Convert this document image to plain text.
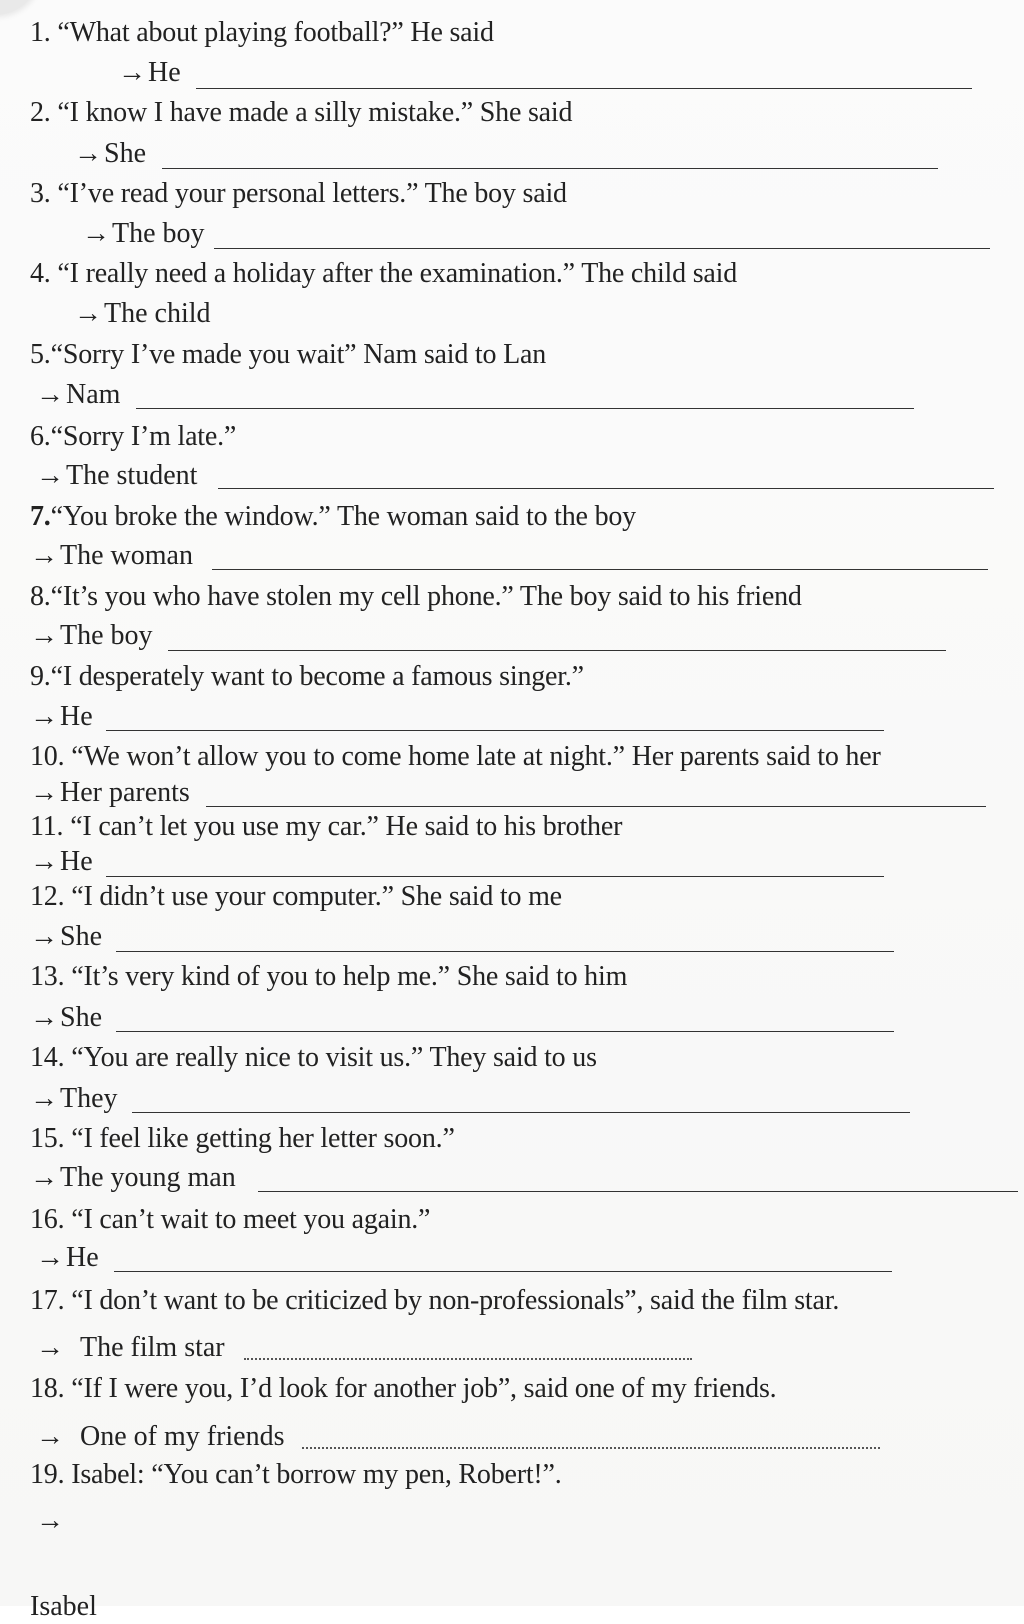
1. “What about playing football?” He said
→He
2. “I know I have made a silly mistake.” She said
→She
3. “I’ve read your personal letters.” The boy said
→The boy
4. “I really need a holiday after the examination.” The child said
→The child
5.“Sorry I’ve made you wait” Nam said to Lan
→Nam
6.“Sorry I’m late.”
→The student
7.“You broke the window.” The woman said to the boy
→The woman
8.“It’s you who have stolen my cell phone.” The boy said to his friend
→The boy
9.“I desperately want to become a famous singer.”
→He
10. “We won’t allow you to come home late at night.” Her parents said to her
→Her parents
11. “I can’t let you use my car.” He said to his brother
→He
12. “I didn’t use your computer.” She said to me
→She
13. “It’s very kind of you to help me.” She said to him
→She
14. “You are really nice to visit us.” They said to us
→They
15. “I feel like getting her letter soon.”
→The young man
16. “I can’t wait to meet you again.”
→He
17. “I don’t want to be criticized by non-professionals”, said the film star.
→ The film star
18. “If I were you, I’d look for another job”, said one of my friends.
→ One of my friends
19. Isabel: “You can’t borrow my pen, Robert!”.
→
Isabel
